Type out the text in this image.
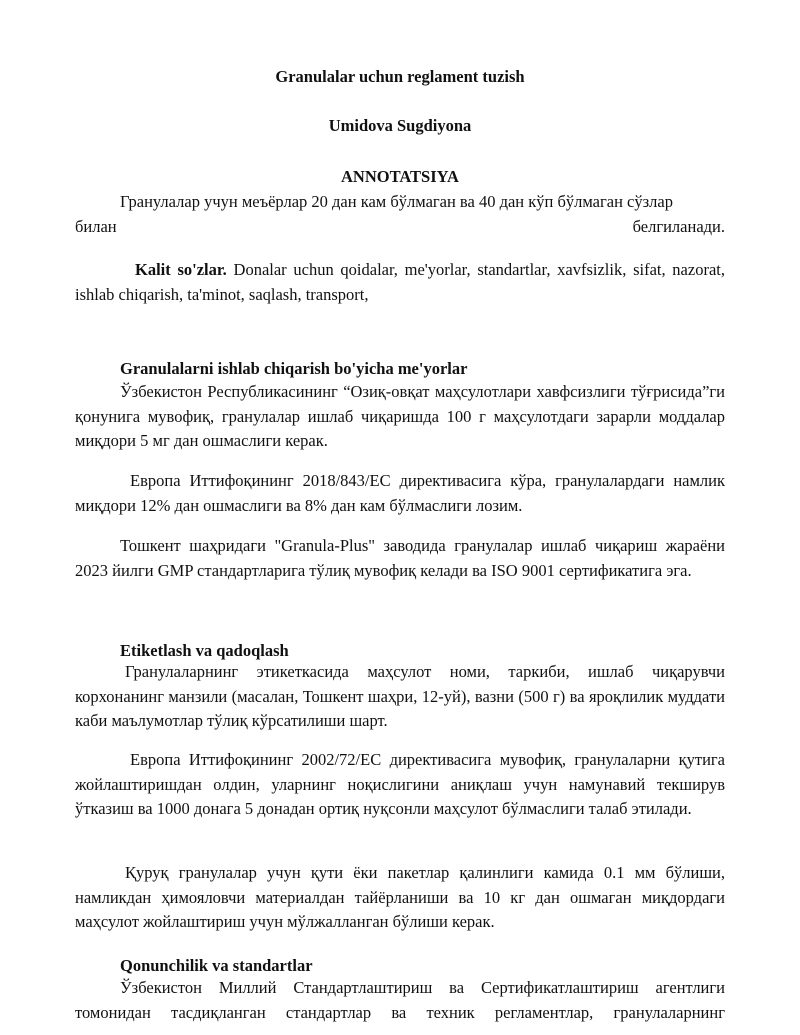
Granulalar uchun reglament tuzish
Umidova Sugdiyona
ANNOTATSIYA
Гранулалар учун меъёрлар 20 дан кам бўлмаган ва 40 дан кўп бўлмаган сўзлар
билан	белгиланади.
Kalit so'zlar. Donalar uchun qoidalar, me'yorlar, standartlar, xavfsizlik, sifat, nazorat, ishlab chiqarish, ta'minot, saqlash, transport,
Granulalarni ishlab chiqarish bo'yicha me'yorlar
Ўзбекистон Республикасининг “Озиқ-овқат маҳсулотлари хавфсизлиги тўғрисида”ги қонунига мувофиқ, гранулалар ишлаб чиқаришда 100 г маҳсулотдаги зарарли моддалар миқдори 5 мг дан ошмаслиги керак.
Европа Иттифоқининг 2018/843/ЕС директивасига кўра, гранулалардаги намлик миқдори 12% дан ошмаслиги ва 8% дан кам бўлмаслиги лозим.
Тошкент шаҳридаги "Granula-Plus" заводида гранулалар ишлаб чиқариш жараёни 2023 йилги GMP стандартларига тўлиқ мувофиқ келади ва ISO 9001 сертификатига эга.
Etiketlash va qadoqlash
Гранулаларнинг этикеткасида маҳсулот номи, таркиби, ишлаб чиқарувчи корхонанинг манзили (масалан, Тошкент шаҳри, 12-уй), вазни (500 г) ва яроқлилик муддати каби маълумотлар тўлиқ кўрсатилиши шарт.
Европа Иттифоқининг 2002/72/ЕС директивасига мувофиқ, гранулаларни қутига жойлаштиришдан олдин, уларнинг ноқислигини аниқлаш учун намунавий текширув ўтказиш ва 1000 донага 5 донадан ортиқ нуқсонли маҳсулот бўлмаслиги талаб этилади.
Қуруқ гранулалар учун қути ёки пакетлар қалинлиги камида 0.1 мм бўлиши, намликдан ҳимояловчи материалдан тайёрланиши ва 10 кг дан ошмаган миқдордаги маҳсулот жойлаштириш учун мўлжалланган бўлиши керак.
Qonunchilik va standartlar
Ўзбекистон Миллий Стандартлаштириш ва Сертификатлаштириш агентлиги томонидан тасдиқланган стандартлар ва техник регламентлар, гранулаларнинг
